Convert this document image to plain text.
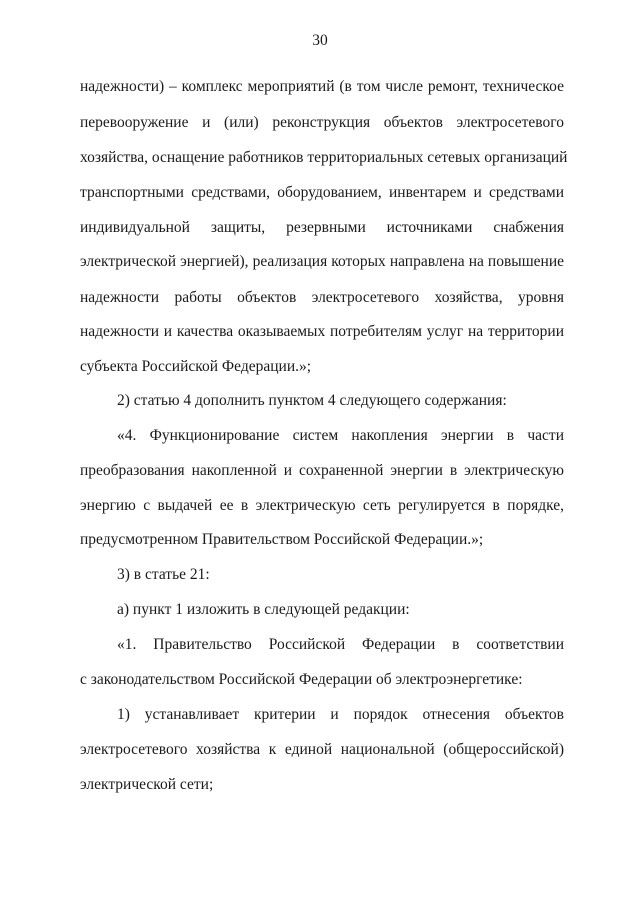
30
надежности) – комплекс мероприятий (в том числе ремонт, техническое
перевооружение и (или) реконструкция объектов электросетевого
хозяйства, оснащение работников территориальных сетевых организаций
транспортными средствами, оборудованием, инвентарем и средствами
индивидуальной защиты, резервными источниками снабжения
электрической энергией), реализация которых направлена на повышение
надежности работы объектов электросетевого хозяйства, уровня
надежности и качества оказываемых потребителям услуг на территории
субъекта Российской Федерации.»;
2) статью 4 дополнить пунктом 4 следующего содержания:
«4. Функционирование систем накопления энергии в части
преобразования накопленной и сохраненной энергии в электрическую
энергию с выдачей ее в электрическую сеть регулируется в порядке,
предусмотренном Правительством Российской Федерации.»;
3) в статье 21:
а) пункт 1 изложить в следующей редакции:
«1. Правительство Российской Федерации в соответствии
с законодательством Российской Федерации об электроэнергетике:
1) устанавливает критерии и порядок отнесения объектов
электросетевого хозяйства к единой национальной (общероссийской)
электрической сети;
